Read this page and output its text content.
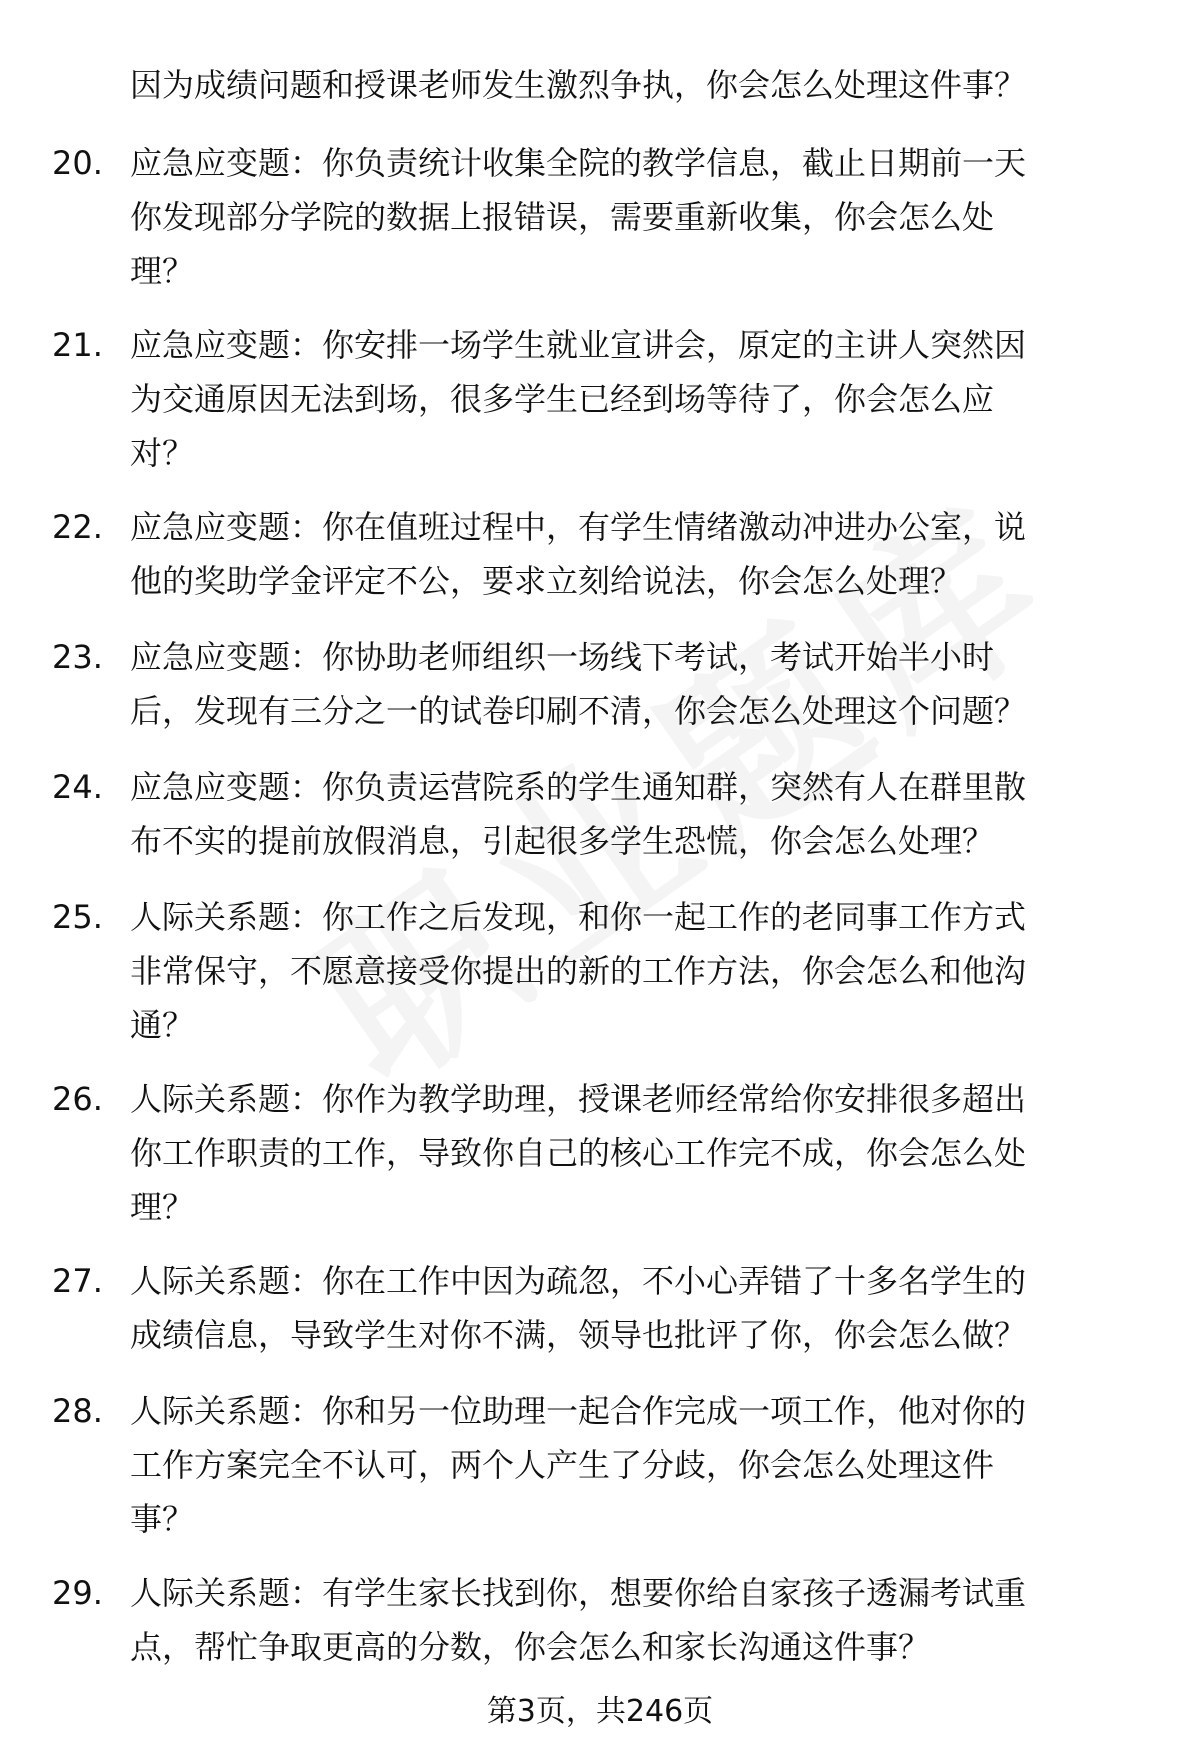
因为成绩问题和授课老师发生激烈争执，你会怎么处理这件事？
20. 应急应变题：你负责统计收集全院的教学信息，截止日期前一天
你发现部分学院的数据上报错误，需要重新收集，你会怎么处
理？
21. 应急应变题：你安排一场学生就业宣讲会，原定的主讲人突然因
为交通原因无法到场，很多学生已经到场等待了，你会怎么应
对？
22. 应急应变题：你在值班过程中，有学生情绪激动冲进办公室，说
他的奖助学金评定不公，要求立刻给说法，你会怎么处理？
23. 应急应变题：你协助老师组织一场线下考试，考试开始半小时
后，发现有三分之一的试卷印刷不清，你会怎么处理这个问题？
24. 应急应变题：你负责运营院系的学生通知群，突然有人在群里散
布不实的提前放假消息，引起很多学生恐慌，你会怎么处理？
25. 人际关系题：你工作之后发现，和你一起工作的老同事工作方式
非常保守，不愿意接受你提出的新的工作方法，你会怎么和他沟
通？
26. 人际关系题：你作为教学助理，授课老师经常给你安排很多超出
你工作职责的工作，导致你自己的核心工作完不成，你会怎么处
理？
27. 人际关系题：你在工作中因为疏忽，不小心弄错了十多名学生的
成绩信息，导致学生对你不满，领导也批评了你，你会怎么做？
28. 人际关系题：你和另一位助理一起合作完成一项工作，他对你的
工作方案完全不认可，两个人产生了分歧，你会怎么处理这件
事？
29. 人际关系题：有学生家长找到你，想要你给自家孩子透漏考试重
点，帮忙争取更高的分数，你会怎么和家长沟通这件事？
第3页，共246页
